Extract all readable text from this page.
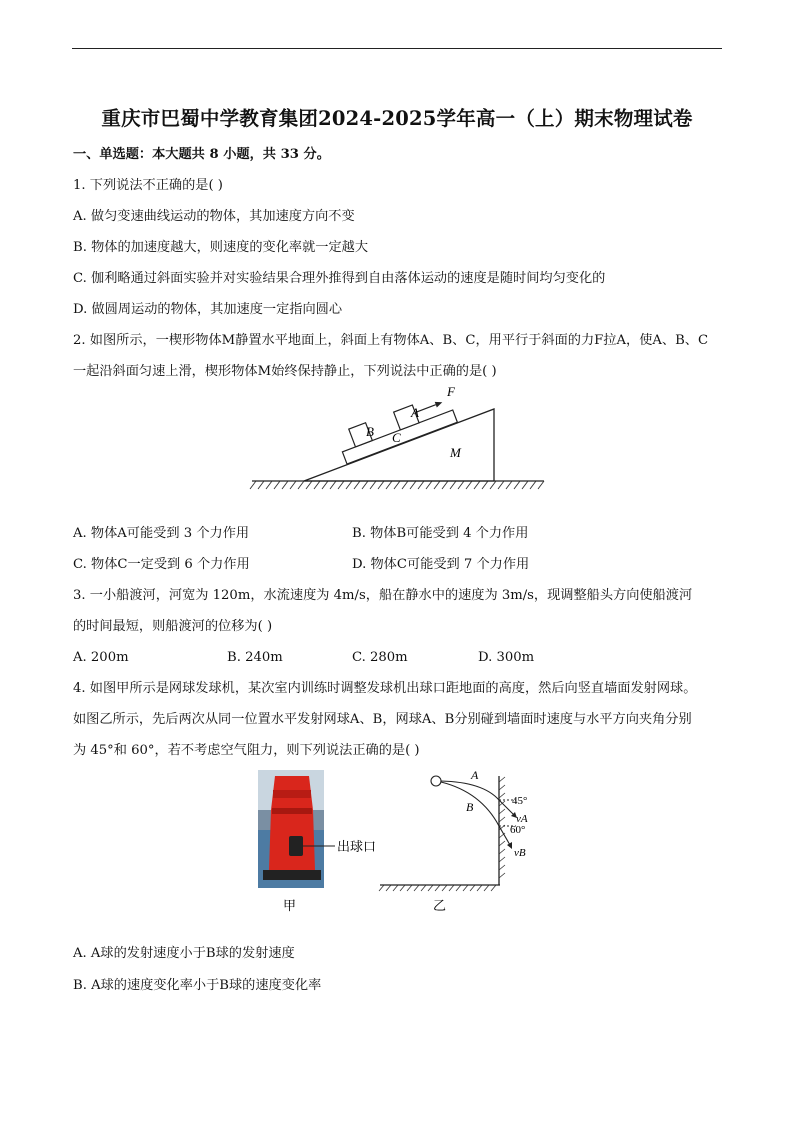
重庆市巴蜀中学教育集团2024-2025学年高一（上）期末物理试卷
一、单选题：本大题共 8 小题，共 33 分。
1. 下列说法不正确的是( )
A. 做匀变速曲线运动的物体，其加速度方向不变
B. 物体的加速度越大，则速度的变化率就一定越大
C. 伽利略通过斜面实验并对实验结果合理外推得到自由落体运动的速度是随时间均匀变化的
D. 做圆周运动的物体，其加速度一定指向圆心
2. 如图所示，一楔形物体M静置水平地面上，斜面上有物体A、B、C，用平行于斜面的力F拉A，使A、B、C
一起沿斜面匀速上滑，楔形物体M始终保持静止，下列说法中正确的是( )
B
A
C
M
F
A. 物体A可能受到 3 个力作用	B. 物体B可能受到 4 个力作用
C. 物体C一定受到 6 个力作用	D. 物体C可能受到 7 个力作用
3. 一小船渡河，河宽为 120m，水流速度为 4m/s，船在静水中的速度为 3m/s，现调整船头方向使船渡河
的时间最短，则船渡河的位移为( )
A. 200m	B. 240m	C. 280m	D. 300m
4. 如图甲所示是网球发球机，某次室内训练时调整发球机出球口距地面的高度，然后向竖直墙面发射网球。
如图乙所示，先后两次从同一位置水平发射网球A、B，网球A、B分别碰到墙面时速度与水平方向夹角分别
为 45°和 60°，若不考虑空气阻力，则下列说法正确的是( )
出球口
甲
A
B	45°
60°
vA
vB
乙
A. A球的发射速度小于B球的发射速度
B. A球的速度变化率小于B球的速度变化率
